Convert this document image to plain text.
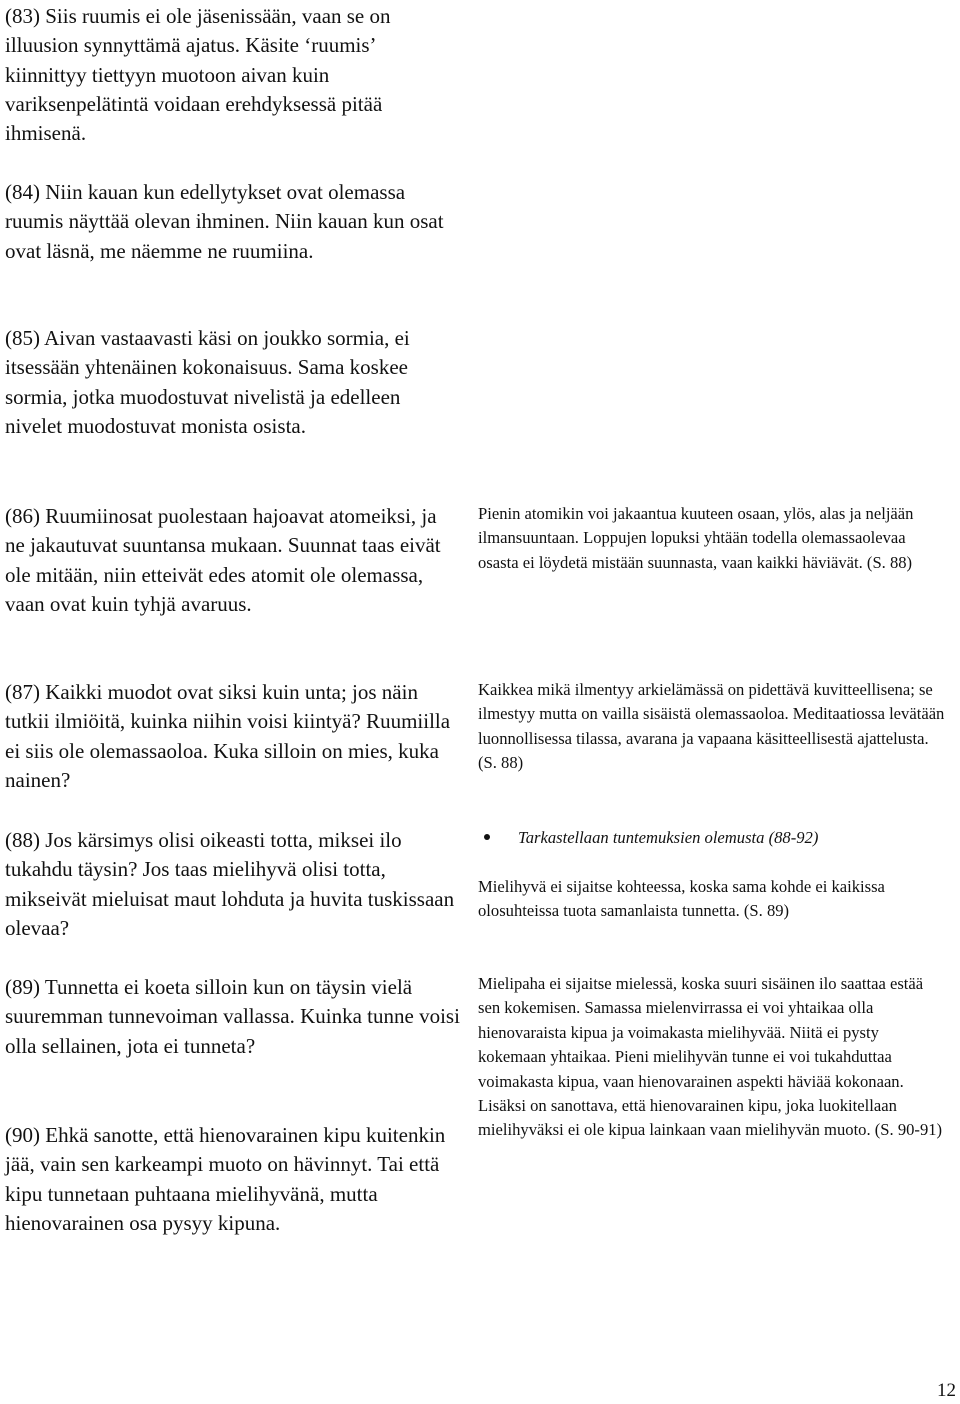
(83) Siis ruumis ei ole jäsenissään, vaan se on illuusion synnyttämä ajatus. Käsite ‘ruumis’ kiinnittyy tiettyyn muotoon aivan kuin variksenpelätintä voidaan erehdyksessä pitää ihmisenä.

(84) Niin kauan kun edellytykset ovat olemassa ruumis näyttää olevan ihminen. Niin kauan kun osat ovat läsnä, me näemme ne ruumiina.

(85) Aivan vastaavasti käsi on joukko sormia, ei itsessään yhtenäinen kokonaisuus. Sama koskee sormia, jotka muodostuvat nivelistä ja edelleen nivelet muodostuvat monista osista.

(86) Ruumiinosat puolestaan hajoavat atomeiksi, ja ne jakautuvat suuntansa mukaan. Suunnat taas eivät ole mitään, niin etteivät edes atomit ole olemassa, vaan ovat kuin tyhjä avaruus.

(87) Kaikki muodot ovat siksi kuin unta; jos näin tutkii ilmiöitä, kuinka niihin voisi kiintyä? Ruumiilla ei siis ole olemassaoloa. Kuka silloin on mies, kuka nainen?

(88) Jos kärsimys olisi oikeasti totta, miksei ilo tukahdu täysin? Jos taas mielihyvä olisi totta, mikseivät mieluisat maut lohduta ja huvita tuskissaan olevaa?

(89) Tunnetta ei koeta silloin kun on täysin vielä suuremman tunnevoiman vallassa. Kuinka tunne voisi olla sellainen, jota ei tunneta?

(90) Ehkä sanotte, että hienovarainen kipu kuitenkin jää, vain sen karkeampi muoto on hävinnyt. Tai että kipu tunnetaan puhtaana mielihyvänä, mutta hienovarainen osa pysyy kipuna.

Pienin atomikin voi jakaantua kuuteen osaan, ylös, alas ja neljään ilmansuuntaan. Loppujen lopuksi yhtään todella olemassaolevaa osasta ei löydetä mistään suunnasta, vaan kaikki häviävät. (S. 88)

Kaikkea mikä ilmentyy arkielämässä on pidettävä kuvitteellisena; se ilmestyy mutta on vailla sisäistä olemassaoloa. Meditaatiossa levätään luonnollisessa tilassa, avarana ja vapaana käsitteellisestä ajattelusta. (S. 88)

Tarkastellaan tuntemuksien olemusta (88-92)

Mielihyvä ei sijaitse kohteessa, koska sama kohde ei kaikissa olosuhteissa tuota samanlaista tunnetta. (S. 89)

Mielipaha ei sijaitse mielessä, koska suuri sisäinen ilo saattaa estää sen kokemisen. Samassa mielenvirrassa ei voi yhtaikaa olla hienovaraista kipua ja voimakasta mielihyvää. Niitä ei pysty kokemaan yhtaikaa. Pieni mielihyvän tunne ei voi tukahduttaa voimakasta kipua, vaan hienovarainen aspekti häviää kokonaan. Lisäksi on sanottava, että hienovarainen kipu, joka luokitellaan mielihyväksi ei ole kipua lainkaan vaan mielihyvän muoto. (S. 90-91)

12
